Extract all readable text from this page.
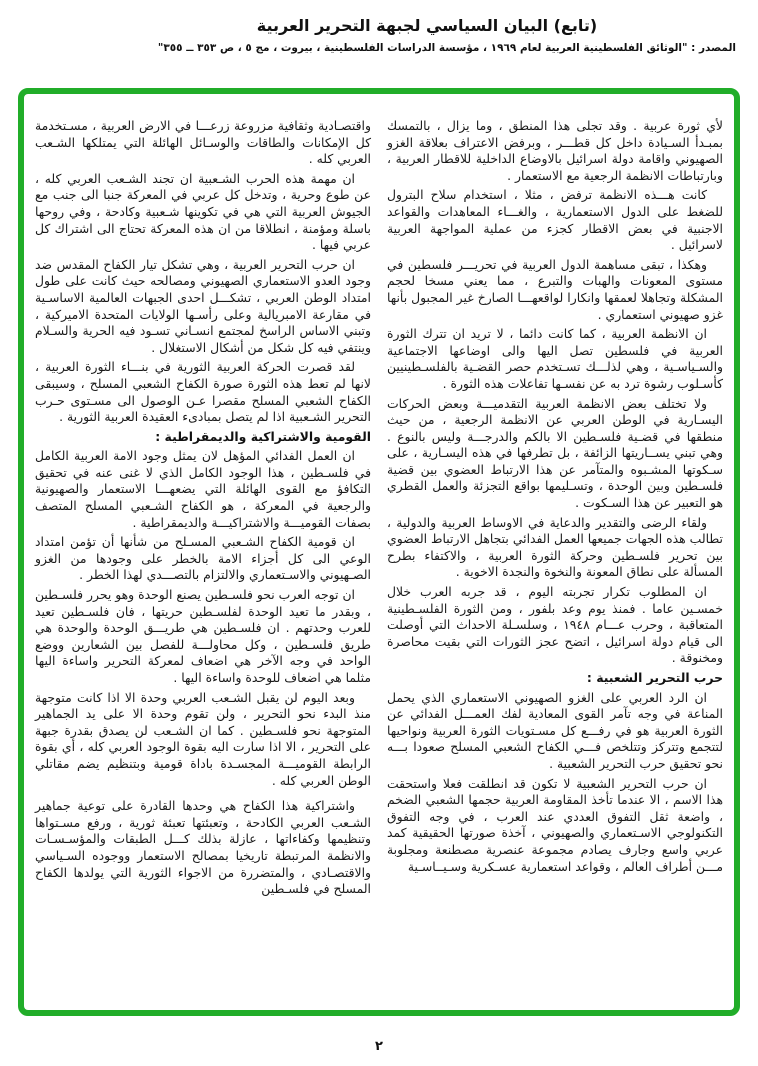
(تابع) البيان السياسي لجبهة التحرير العربية
المصدر : "الوثائق الفلسطينية العربية لعام ١٩٦٩ ، مؤسسة الدراسات الفلسطينية ، بيروت ، مج ٥ ، ص ٣٥٣ ــ ٣٥٥"

لأي ثورة عربية . وقد تجلى هذا المنطق ، وما يزال ، بالتمسك بمبـدأ السـيادة داخل كل قطـــر ، وبرفض الاعتراف بعلاقة الغزو الصهيوني واقامة دولة اسرائيل بالاوضاع الداخلية للاقطار العربية ، وبارتباطات الانظمة الرجعية مع الاستعمار .

كانت هـــذه الانظمة ترفض ، مثلا ، استخدام سلاح البترول للضغط على الدول الاستعمارية ، والغـــاء المعاهدات والقواعد الاجنبية في بعض الاقطار كجزء من عملية المواجهة العربية لاسرائيل .

وهكذا ، تبقى مساهمة الدول العربية في تحريـــر فلسطين في مستوى المعونات والهبات والتبرع ، مما يعني مسخا لحجم المشكلة وتجاهلا لعمقها وانكارا لواقعهـــا الصارخ غير المجبول بأنها غزو صهيوني استعماري .

ان الانظمة العربية ، كما كانت دائما ، لا تريد ان تترك الثورة العربية في فلسطين تصل اليها والى اوضاعها الاجتماعية والسـياسـية ، وهي لذلـــك تسـتخدم حصر القضـية بالفلسـطينيين كأسـلوب رشوة ترد به عن نفسـها تفاعلات هذه الثورة .

ولا تختلف بعض الانظمة العربية التقدميـــة وبعض الحركات اليسـارية في الوطن العربي عن الانظمة الرجعية ، من حيث منطقها في قضـية فلسـطين الا بالكم والدرجـــة وليس بالنوع . وهي تبني يســاريتها الزائفة ، بل تطرفها في هذه اليسـارية ، على سـكوتها المشـبوه والمتآمر عن هذا الارتباط العضوي بين قضية فلسـطين وبين الوحدة ، وتسـليمها بواقع التجزئة والعمل القطري هو التعبير عن هذا السـكوت .

ولقاء الرضى والتقدير والدعاية في الاوساط العربية والدولية ، تطالب هذه الجهات جميعها العمل الفدائي بتجاهل الارتباط العضوي بين تحرير فلسـطين وحركة الثورة العربية ، والاكتفاء بطرح المسألة على نطاق المعونة والنخوة والنجدة الاخوية .

ان المطلوب تكرار تجربته اليوم ، قد جربه العرب خلال خمسـين عاما . فمنذ يوم وعد بلفور ، ومن الثورة الفلسـطينية المتعاقبة ، وحرب عـــام ١٩٤٨ ، وسلسـلة الاحداث التي أوصلت الى قيام دولة اسرائيل ، اتضح عجز الثورات التي بقيت محاصرة ومخنوقة .

حرب التحرير الشعبية :

ان الرد العربي على الغزو الصهيوني الاستعماري الذي يحمل المناعة في وجه تآمر القوى المعادية لفك العمـــل الفدائي عن الثورة العربية هو في رفـــع كل مسـتويات الثورة العربية ونواحيها لتتجمع وتتركز وتتلخص فـــي الكفاح الشعبي المسلح صعودا بـــه نحو تحقيق حرب التحرير الشعبية .

ان حرب التحرير الشعبية لا تكون قد انطلقت فعلا واستحقت هذا الاسم ، الا عندما تأخذ المقاومة العربية حجمها الشعبي الضخم ، واضعة ثقل التفوق العددي عند العرب ، في وجه التفوق التكنولوجي الاسـتعماري والصهيوني ، آخذة صورتها الحقيقية كمد عربي واسع وجارف يصادم مجموعة عنصرية مصطنعة ومجلوبة مـــن أطراف العالم ، وقواعد استعمارية عسـكرية وسـيــاسـية

واقتصـادية وثقافية مزروعة زرعـــا في الارض العربية ، مسـتخدمة كل الإمكانات والطاقات والوسـائل الهائلة التي يمتلكها الشـعب العربي كله .

ان مهمة هذه الحرب الشـعبية ان تجند الشـعب العربي كله ، عن طوع وحرية ، وتدخل كل عربي في المعركة جنبا الى جنب مع الجيوش العربية التي هي في تكوينها شـعبية وكادحة ، وفي روحها باسلة ومؤمنة ، انطلاقا من ان هذه المعركة تحتاج الى اشتراك كل عربي فيها .

ان حرب التحرير العربية ، وهي تشكل تيار الكفاح المقدس ضد وجود العدو الاستعماري الصهيوني ومصالحه حيث كانت على طول امتداد الوطن العربي ، تشكـــل احدى الجبهات العالمية الاساسـية في مقارعة الامبريالية وعلى رأسـها الولايات المتحدة الاميركية ، وتبني الاساس الراسخ لمجتمع انسـاني تسـود فيه الحرية والسـلام وينتفي فيه كل شكل من أشكال الاستغلال .

لقد قصرت الحركة العربية الثورية في بنـــاء الثورة العربية ، لانها لم تعط هذه الثورة صورة الكفاح الشعبي المسلح ، وسيبقى الكفاح الشعبي المسلح مقصرا عـن الوصول الى مسـتوى حـرب التحرير الشـعبية اذا لم يتصل بمبادىء العقيدة العربية الثورية .

القومية والاشتراكية والديمقراطية :

ان العمل الفدائي المؤهل لان يمثل وجود الامة العربية الكامل في فلسـطين ، هذا الوجود الكامل الذي لا غنى عنه في تحقيق التكافؤ مع القوى الهائلة التي يضعهـــا الاستعمار والصهيونية والرجعية في المعركة ، هو الكفاح الشـعبي المسلح المتصف بصفات القوميـــة والاشتراكيـــة والديمقراطية .

ان قومية الكفاح الشـعبي المسـلح من شأنها أن تؤمن امتداد الوعي الى كل أجزاء الامة بالخطر على وجودها من الغزو الصـهيوني والاسـتعماري والالتزام بالتصـــدي لهذا الخطر .

ان توجه العرب نحو فلسـطين يصنع الوحدة وهو يحرر فلسـطين ، وبقدر ما تعيد الوحدة لفلسـطين حريتها ، فان فلسـطين تعيد للعرب وحدتهم . ان فلسـطين هي طريـــق الوحدة والوحدة هي طريق فلسـطين ، وكل محاولـــة للفصل بين الشعارين ووضع الواحد في وجه الآخر هي اضعاف لمعركة التحرير واساءة اليها مثلما هي اضعاف للوحدة واساءة اليها .

وبعد اليوم لن يقبل الشـعب العربي وحدة الا اذا كانت متوجهة منذ البدء نحو التحرير ، ولن تقوم وحدة الا على يد الجماهير المتوجهة نحو فلسـطين . كما ان الشـعب لن يصدق بقدرة جبهة على التحرير ، الا اذا سارت اليه بقوة الوجود العربي كله ، أي بقوة الرابطة القوميـــة المجسـدة باداة قومية وبتنظيم يضم مقاتلي الوطن العربي كله .

واشتراكية هذا الكفاح هي وحدها القادرة على توعية جماهير الشـعب العربي الكادحة ، وتعبئتها تعبئة ثورية ، ورفع مسـتواها وتنظيمها وكفاءاتها ، عازلة بذلك كـــل الطبقات والمؤسـسـات والانظمة المرتبطة تاريخيا بمصالح الاستعمار ووجوده السـياسي والاقتصـادي ، والمتضررة من الاجواء الثورية التي يولدها الكفاح المسلح في فلسـطين

٢
